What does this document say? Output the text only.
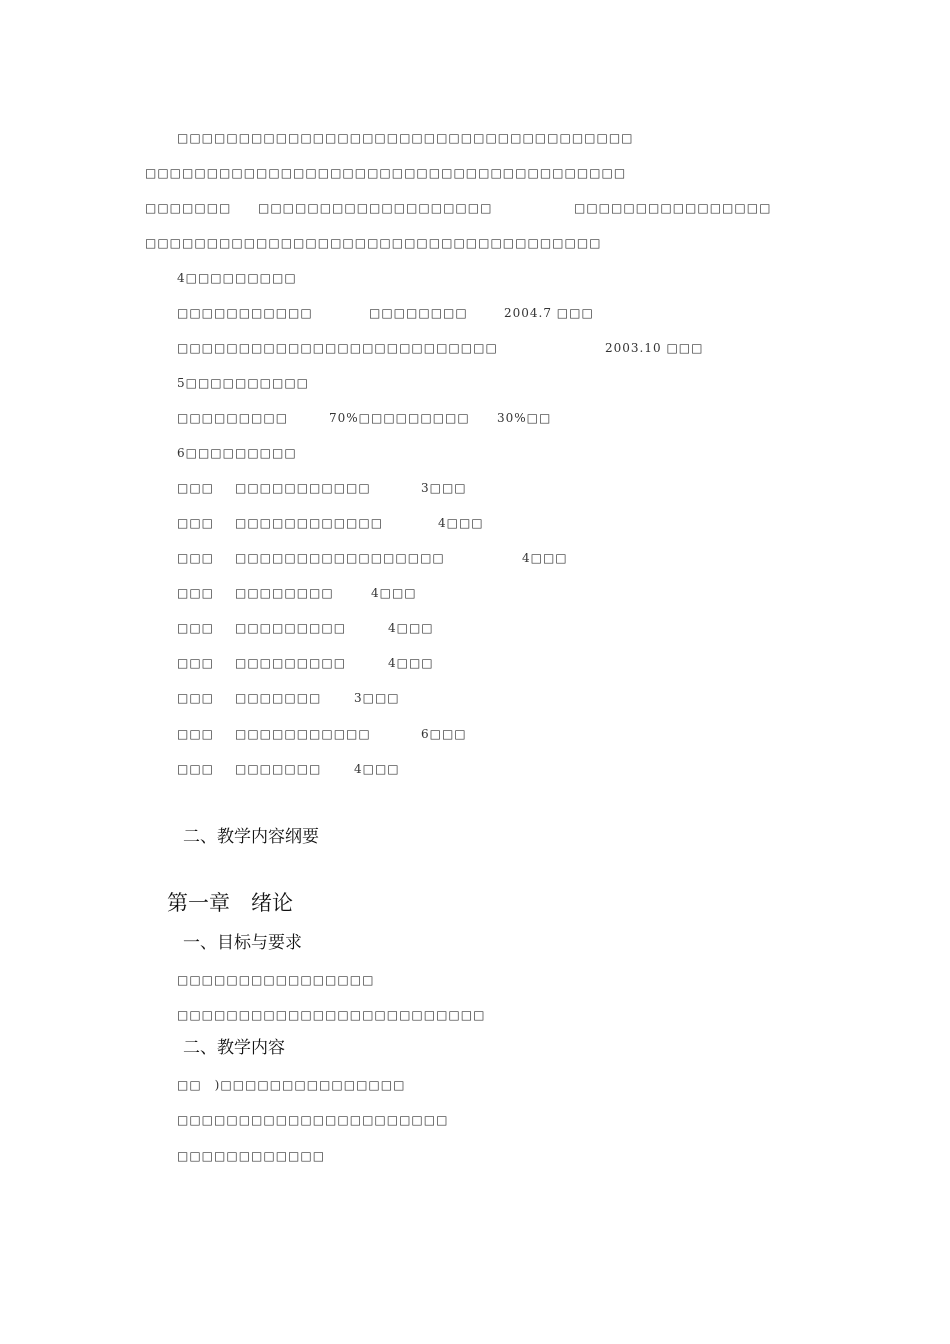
□□□□□□□□□□□□□□□□□□□□□□□□□□□□□□□□□□□□□
□□□□□□□□□□□□□□□□□□□□□□□□□□□□□□□□□□□□□□□
□□□□□□□ □□□□□□□□□□□□□□□□□□□	□□□□□□□□□□□□□□□□
□□□□□□□□□□□□□□□□□□□□□□□□□□□□□□□□□□□□□
4□□□□□□□□□
□□□□□□□□□□□	□□□□□□□□	2004.7 □□□
□□□□□□□□□□□□□□□□□□□□□□□□□□	2003.10 □□□
5□□□□□□□□□□
□□□□□□□□□	70%□□□□□□□□□ 30%□□
6□□□□□□□□□
□□□ □□□□□□□□□□□	3□□□
□□□ □□□□□□□□□□□□	4□□□
□□□ □□□□□□□□□□□□□□□□□	4□□□
□□□ □□□□□□□□	4□□□
□□□ □□□□□□□□□	4□□□
□□□ □□□□□□□□□	4□□□
□□□ □□□□□□□	3□□□
□□□ □□□□□□□□□□□	6□□□
□□□ □□□□□□□	4□□□
二、教学内容纲要
第一章　绪论
一、目标与要求
□□□□□□□□□□□□□□□□
□□□□□□□□□□□□□□□□□□□□□□□□□
二、教学内容
□□　)□□□□□□□□□□□□□□□
□□□□□□□□□□□□□□□□□□□□□□
□□□□□□□□□□□□
